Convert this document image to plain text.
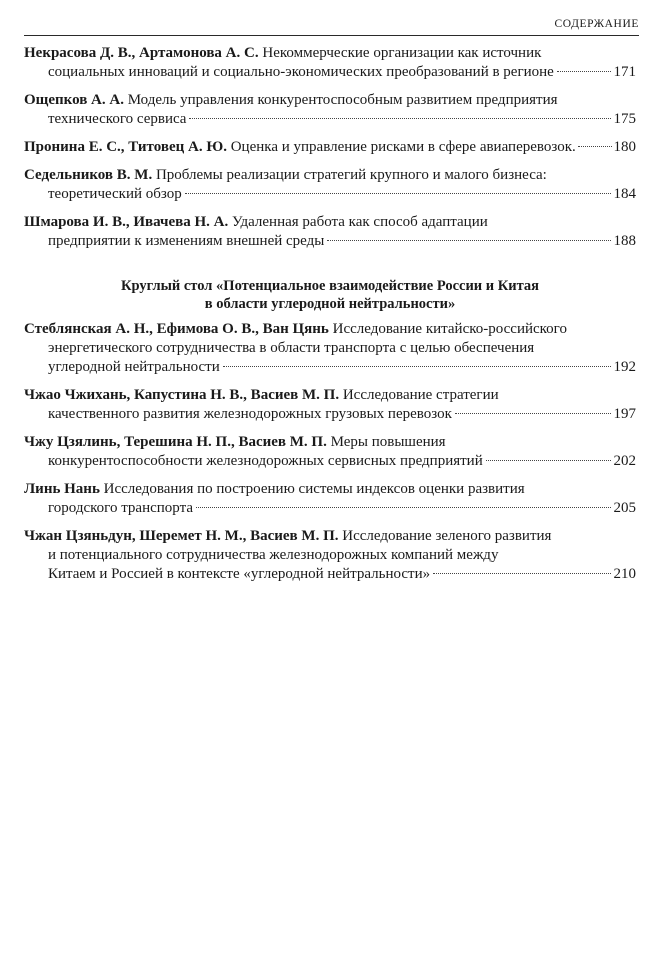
СОДЕРЖАНИЕ
Некрасова Д. В., Артамонова А. С. Некоммерческие организации как источник
социальных инноваций и социально-экономических преобразований в регионе	171
Ощепков А. А. Модель управления конкурентоспособным развитием предприятия
технического сервиса	175
Пронина Е. С., Титовец А. Ю. Оценка и управление рисками в сфере авиаперевозок.	180
Седельников В. М. Проблемы реализации стратегий крупного и малого бизнеса:
теоретический обзор	184
Шмарова И. В., Ивачева Н. А. Удаленная работа как способ адаптации
предприятии к изменениям внешней среды	188
Круглый стол «Потенциальное взаимодействие России и Китая
в области углеродной нейтральности»
Стеблянская А. Н., Ефимова О. В., Ван Цянь Исследование китайско-российского
энергетического сотрудничества в области транспорта с целью обеспечения
углеродной нейтральности	192
Чжао Чжихань, Капустина Н. В., Васиев М. П. Исследование стратегии
качественного развития железнодорожных грузовых перевозок	197
Чжу Цзялинь, Терешина Н. П., Васиев М. П. Меры повышения
конкурентоспособности железнодорожных сервисных предприятий	202
Линь Нань Исследования по построению системы индексов оценки развития
городского транспорта	205
Чжан Цзяньдун, Шеремет Н. М., Васиев М. П. Исследование зеленого развития
и потенциального сотрудничества железнодорожных компаний между
Китаем и Россией в контексте «углеродной нейтральности»	210
